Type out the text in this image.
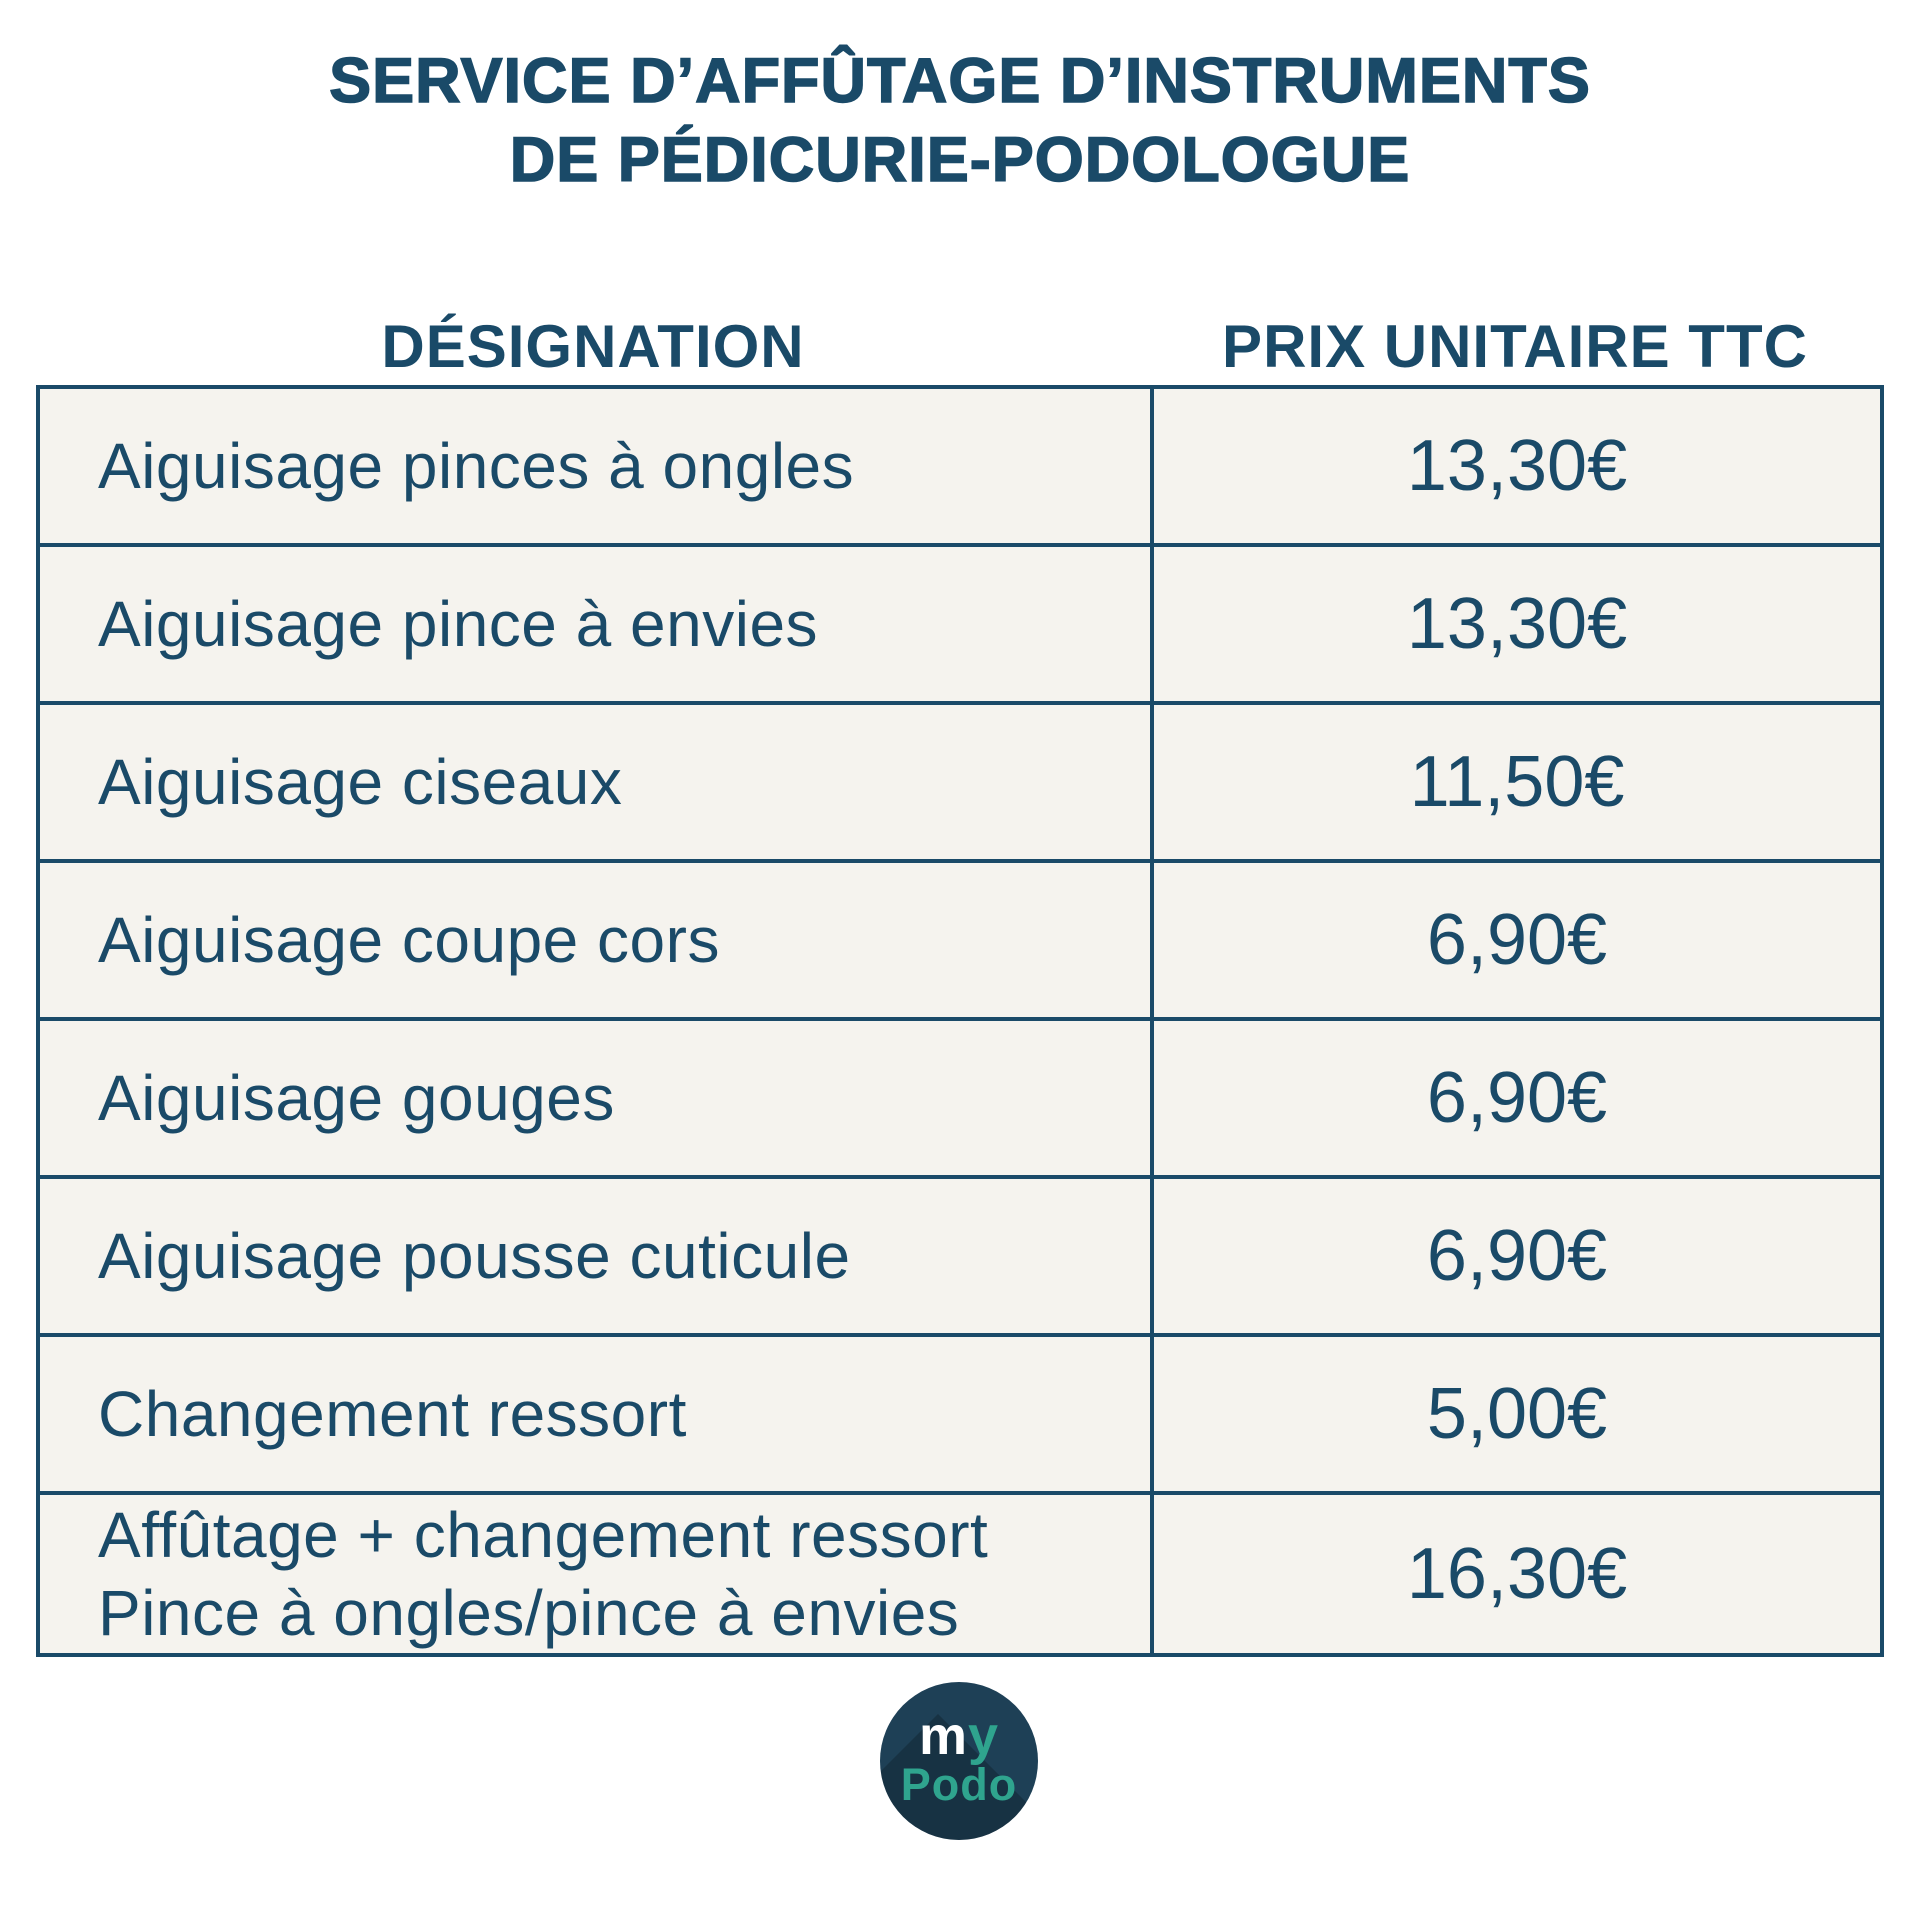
SERVICE D’AFFÛTAGE D’INSTRUMENTS
DE PÉDICURIE-PODOLOGUE
DÉSIGNATION	PRIX UNITAIRE TTC
Aiguisage pinces à ongles	13,30€
Aiguisage pince à envies	13,30€
Aiguisage ciseaux	11,50€
Aiguisage coupe cors	6,90€
Aiguisage gouges	6,90€
Aiguisage pousse cuticule	6,90€
Changement ressort	5,00€

Affûtage + changement ressort
Pince à ongles/pince à envies	16,30€
my
Podo
